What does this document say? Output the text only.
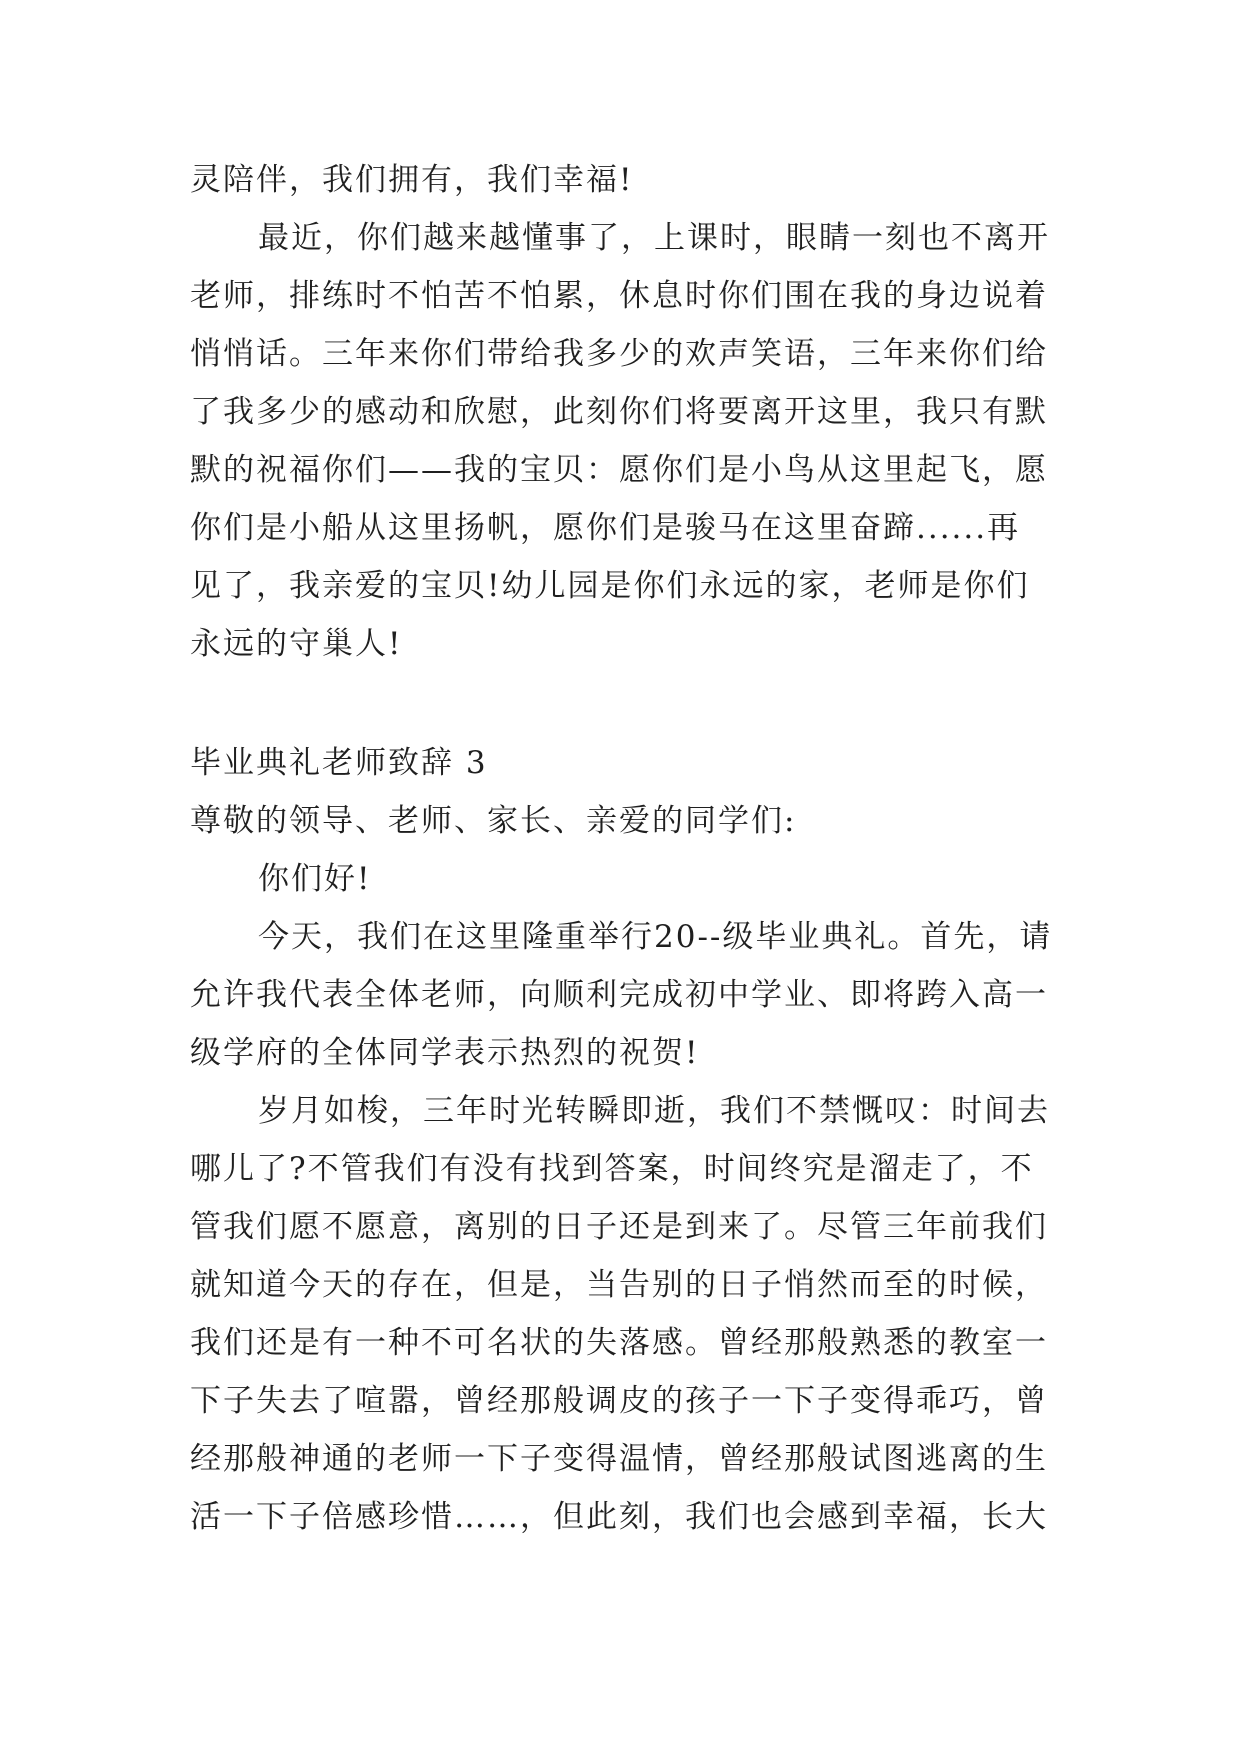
灵陪伴，我们拥有，我们幸福!
最近，你们越来越懂事了，上课时，眼睛一刻也不离开
老师，排练时不怕苦不怕累，休息时你们围在我的身边说着
悄悄话。三年来你们带给我多少的欢声笑语，三年来你们给
了我多少的感动和欣慰，此刻你们将要离开这里，我只有默
默的祝福你们——我的宝贝：愿你们是小鸟从这里起飞，愿
你们是小船从这里扬帆，愿你们是骏马在这里奋蹄......再
见了，我亲爱的宝贝!幼儿园是你们永远的家，老师是你们
永远的守巢人!
毕业典礼老师致辞 3
尊敬的领导、老师、家长、亲爱的同学们:
你们好!
今天，我们在这里隆重举行20--级毕业典礼。首先，请
允许我代表全体老师，向顺利完成初中学业、即将跨入高一
级学府的全体同学表示热烈的祝贺!
岁月如梭，三年时光转瞬即逝，我们不禁慨叹：时间去
哪儿了?不管我们有没有找到答案，时间终究是溜走了，不
管我们愿不愿意，离别的日子还是到来了。尽管三年前我们
就知道今天的存在，但是，当告别的日子悄然而至的时候，
我们还是有一种不可名状的失落感。曾经那般熟悉的教室一
下子失去了喧嚣，曾经那般调皮的孩子一下子变得乖巧，曾
经那般神通的老师一下子变得温情，曾经那般试图逃离的生
活一下子倍感珍惜……，但此刻，我们也会感到幸福，长大
